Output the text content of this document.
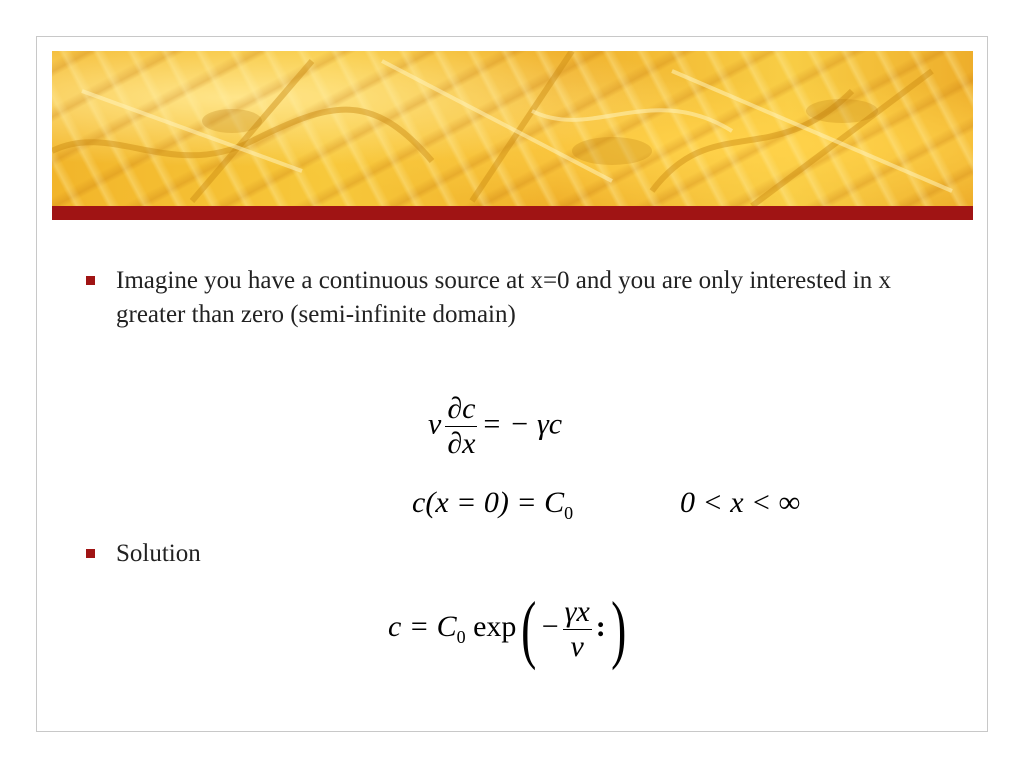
Imagine you have a continuous source at x=0 and you are only interested in x greater than zero (semi-infinite domain)
v $\frac{\partial c}{\partial x}$ = − γc
$c(x = 0) = C_0$	0 < x < ∞
Solution
$c = C_0$ $\exp( - \frac{\gamma x}{v}$ :)
